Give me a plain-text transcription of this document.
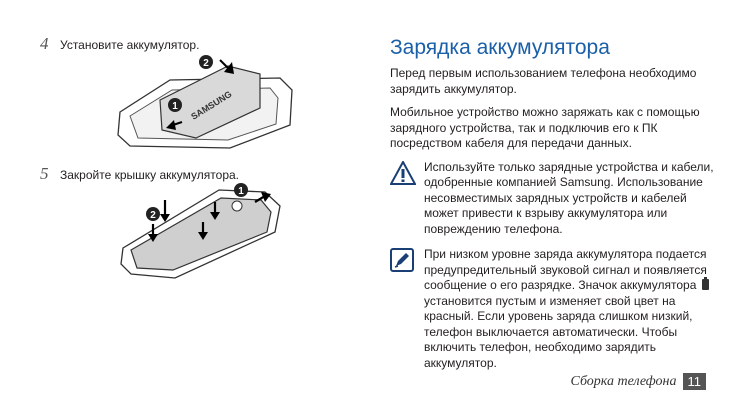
4 Установите аккумулятор.
SAMSUNG
2
1
5 Закройте крышку аккумулятора.
2
1
Зарядка аккумулятора

Перед первым использованием телефона необходимо зарядить аккумулятор.

Мобильное устройство можно заряжать как с помощью зарядного устройства, так и подключив его к ПК посредством кабеля для передачи данных.

Используйте только зарядные устройства и кабели, одобренные компанией Samsung. Использование несовместимых зарядных устройств и кабелей может привести к взрыву аккумулятора или повреждению телефона.
При низком уровне заряда аккумулятора подается предупредительный звуковой сигнал и появляется сообщение о его разрядке. Значок аккумулятора  установится пустым и изменяет свой цвет на красный. Если уровень заряда слишком низкий, телефон выключается автоматически. Чтобы включить телефон, необходимо зарядить аккумулятор.
Сборка телефона 11
